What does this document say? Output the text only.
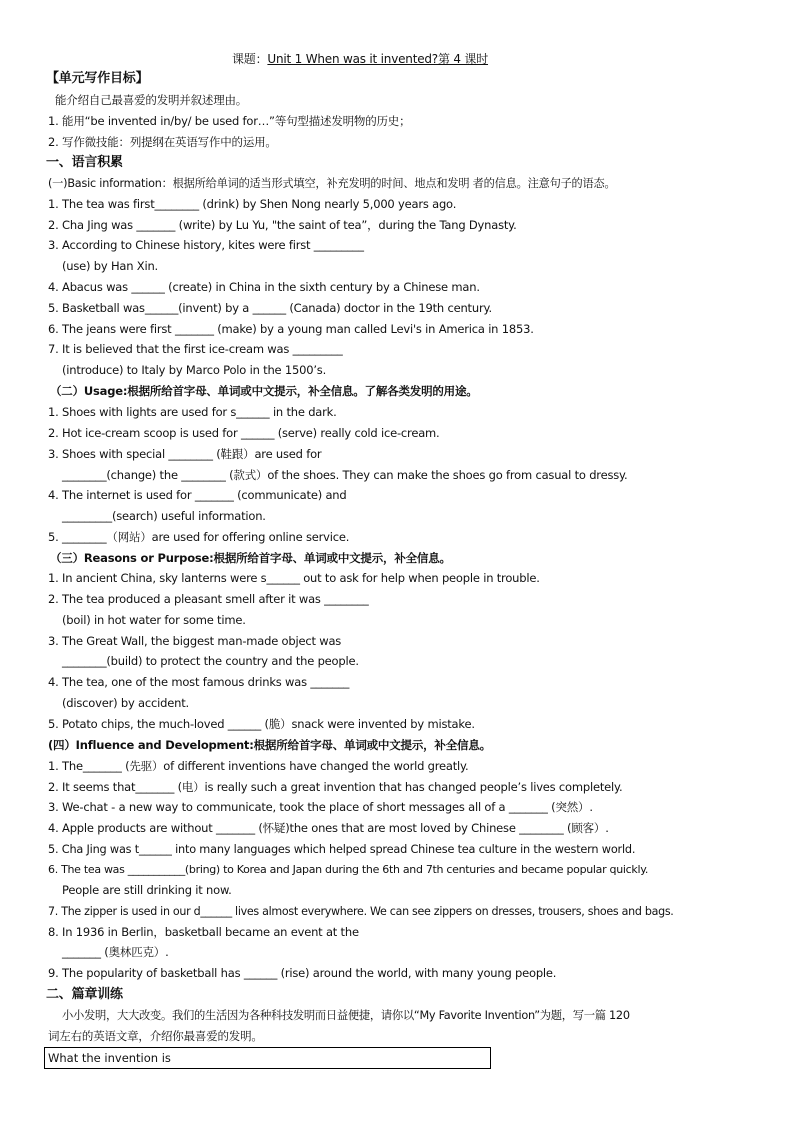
课题：Unit 1 When was it invented?第 4 课时
【单元写作目标】
能介绍自己最喜爱的发明并叙述理由。
1. 能用“be invented in/by/ be used for…”等句型描述发明物的历史；
2. 写作微技能：列提纲在英语写作中的运用。
一、语言积累
(一)Basic information：根据所给单词的适当形式填空，补充发明的时间、地点和发明 者的信息。注意句子的语态。
1. The tea was first________ (drink) by Shen Nong nearly 5,000 years ago.
2. Cha Jing was _______ (write) by Lu Yu, "the saint of tea”，during the Tang Dynasty.
3. According to Chinese history, kites were first _________
(use) by Han Xin.
4. Abacus was ______ (create) in China in the sixth century by a Chinese man.
5. Basketball was______(invent) by a ______ (Canada) doctor in the 19th century.
6. The jeans were first _______ (make) by a young man called Levi's in America in 1853.
7. It is believed that the first ice-cream was _________
(introduce) to Italy by Marco Polo in the 1500’s.
（二）Usage:根据所给首字母、单词或中文提示，补全信息。了解各类发明的用途。
1. Shoes with lights are used for s______ in the dark.
2. Hot ice-cream scoop is used for ______ (serve) really cold ice-cream.
3. Shoes with special ________ (鞋跟）are used for
________(change) the ________ (款式）of the shoes. They can make the shoes go from casual to dressy.
4. The internet is used for _______ (communicate) and
_________(search) useful information.
5. ________（网站）are used for offering online service.
（三）Reasons or Purpose:根据所给首字母、单词或中文提示，补全信息。
1. In ancient China, sky lanterns were s______ out to ask for help when people in trouble.
2. The tea produced a pleasant smell after it was ________
(boil) in hot water for some time.
3. The Great Wall, the biggest man-made object was
________(build) to protect the country and the people.
4. The tea, one of the most famous drinks was _______
(discover) by accident.
5. Potato chips, the much-loved ______ (脆）snack were invented by mistake.
(四）Influence and Development:根据所给首字母、单词或中文提示，补全信息。
1. The_______ (先驱）of different inventions have changed the world greatly.
2. It seems that_______ (电）is really such a great invention that has changed people’s lives completely.
3. We-chat - a new way to communicate, took the place of short messages all of a _______ (突然）.
4. Apple products are without _______ (怀疑)the ones that are most loved by Chinese ________ (顾客）.
5. Cha Jing was t______ into many languages which helped spread Chinese tea culture in the western world.
6. The tea was ___________(bring) to Korea and Japan during the 6th and 7th centuries and became popular quickly.
People are still drinking it now.
7. The zipper is used in our d______ lives almost everywhere. We can see zippers on dresses, trousers, shoes and bags.
8. In 1936 in Berlin，basketball became an event at the
_______ (奥林匹克）.
9. The popularity of basketball has ______ (rise) around the world, with many young people.
二、篇章训练
小小发明，大大改变。我们的生活因为各种科技发明而日益便捷，请你以“My Favorite Invention”为题，写一篇 120
词左右的英语文章，介绍你最喜爱的发明。
What the invention is
